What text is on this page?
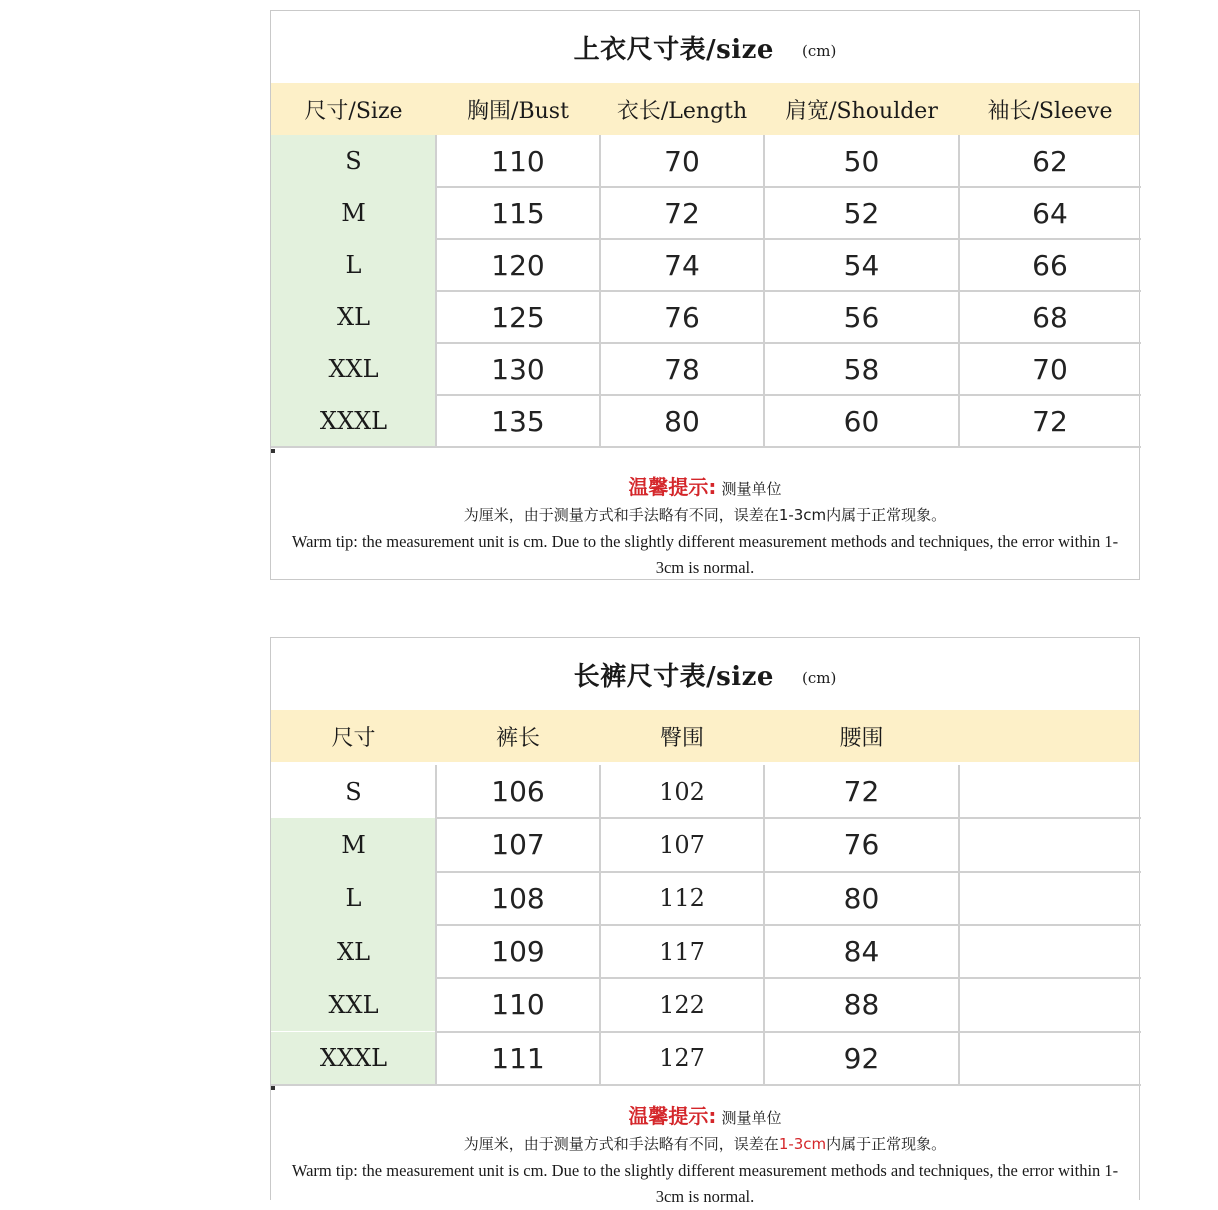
上衣尺寸表/size (cm)
尺寸/Size	胸围/Bust	衣长/Length	肩宽/Shoulder	袖长/Sleeve
S	110	70	50	62
M	115	72	52	64
L	120	74	54	66
XL	125	76	56	68
XXL	130	78	58	70
XXXL	135	80	60	72
温馨提示: 测量单位
为厘米，由于测量方式和手法略有不同，误差在1-3cm内属于正常现象。
Warm tip: the measurement unit is cm. Due to the slightly different measurement methods and techniques, the error within 1-3cm is normal.
长裤尺寸表/size (cm)
尺寸	裤长	臀围	腰围
S	106	102	72
M	107	107	76
L	108	112	80
XL	109	117	84
XXL	110	122	88
XXXL	111	127	92
温馨提示: 测量单位
为厘米，由于测量方式和手法略有不同，误差在1-3cm内属于正常现象。
Warm tip: the measurement unit is cm. Due to the slightly different measurement methods and techniques, the error within 1-3cm is normal.
